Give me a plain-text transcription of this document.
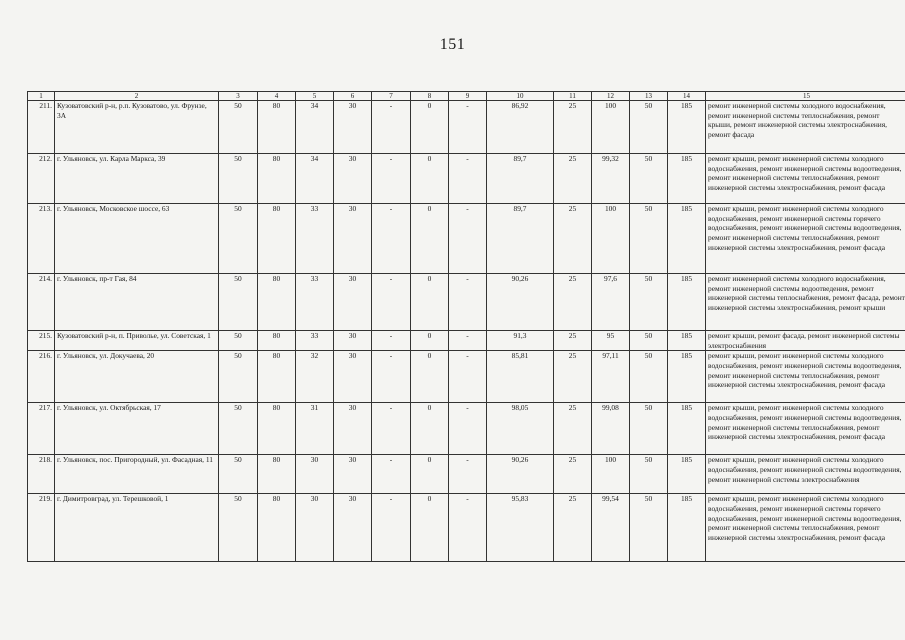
151
1	2	3	4	5	6	7	8	9	10	11	12	13	14	15
211.	Кузоватовский р-н, р.п. Кузоватово, ул. Фрунзе, 3А	50	80	34	30	-	0	-	86,92	25	100	50	185	ремонт инженерной системы холодного водоснабжения, ремонт инженерной системы теплоснабжения, ремонт крыши, ремонт инженерной системы электроснабжения, ремонт фасада
212.	г. Ульяновск, ул. Карла Маркса, 39	50	80	34	30	-	0	-	89,7	25	99,32	50	185	ремонт крыши, ремонт инженерной системы холодного водоснабжения, ремонт инженерной системы водоотведения, ремонт инженерной системы теплоснабжения, ремонт инженерной системы электроснабжения, ремонт фасада
213.	г. Ульяновск, Московское шоссе, 63	50	80	33	30	-	0	-	89,7	25	100	50	185	ремонт крыши, ремонт инженерной системы холодного водоснабжения, ремонт инженерной системы горячего водоснабжения, ремонт инженерной системы водоотведения, ремонт инженерной системы теплоснабжения, ремонт инженерной системы электроснабжения, ремонт фасада
214.	г. Ульяновск, пр-т Гая, 84	50	80	33	30	-	0	-	90,26	25	97,6	50	185	ремонт инженерной системы холодного водоснабжения, ремонт инженерной системы водоотведения, ремонт инженерной системы теплоснабжения, ремонт фасада, ремонт инженерной системы электроснабжения, ремонт крыши
215.	Кузоватовский р-н, п. Приволье, ул. Советская, 1	50	80	33	30	-	0	-	91,3	25	95	50	185	ремонт крыши, ремонт фасада, ремонт инженерной системы электроснабжения
216.	г. Ульяновск, ул. Докучаева, 20	50	80	32	30	-	0	-	85,81	25	97,11	50	185	ремонт крыши, ремонт инженерной системы холодного водоснабжения, ремонт инженерной системы водоотведения, ремонт инженерной системы теплоснабжения, ремонт инженерной системы электроснабжения, ремонт фасада
217.	г. Ульяновск, ул. Октябрьская, 17	50	80	31	30	-	0	-	98,05	25	99,08	50	185	ремонт крыши, ремонт инженерной системы холодного водоснабжения, ремонт инженерной системы водоотведения, ремонт инженерной системы теплоснабжения, ремонт инженерной системы электроснабжения, ремонт фасада
218.	г. Ульяновск, пос. Пригородный, ул. Фасадная, 11	50	80	30	30	-	0	-	90,26	25	100	50	185	ремонт крыши, ремонт инженерной системы холодного водоснабжения, ремонт инженерной системы водоотведения, ремонт инженерной системы электроснабжения
219.	г. Димитровград, ул. Терешковой, 1	50	80	30	30	-	0	-	95,83	25	99,54	50	185	ремонт крыши, ремонт инженерной системы холодного водоснабжения, ремонт инженерной системы горячего водоснабжения, ремонт инженерной системы водоотведения, ремонт инженерной системы теплоснабжения, ремонт инженерной системы электроснабжения, ремонт фасада
